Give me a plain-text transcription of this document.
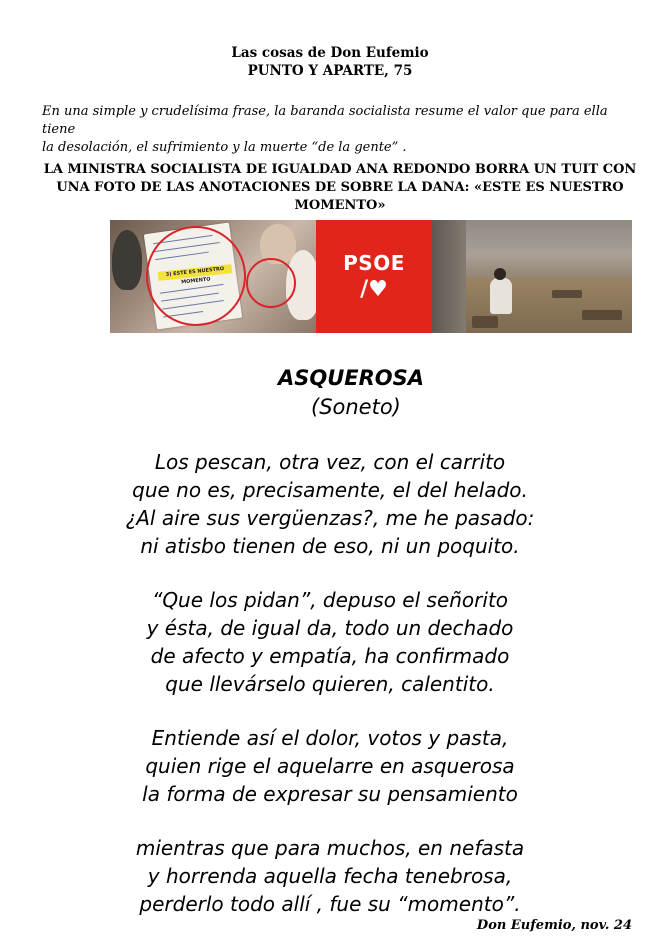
Las cosas de Don Eufemio
PUNTO Y APARTE, 75
En una simple y crudelísima frase, la baranda socialista resume el valor que para ella tiene
la desolación, el sufrimiento y la muerte “de la gente” .
LA MINISTRA SOCIALISTA DE IGUALDAD ANA REDONDO BORRA UN TUIT CON
UNA FOTO DE LAS ANOTACIONES DE SOBRE LA DANA: «ESTE ES NUESTRO
MOMENTO»
3) ESTE ES NUESTRO MOMENTO
PSOE
/♥
ASQUEROSA
(Soneto)
Los pescan, otra vez, con el carrito
que no es, precisamente, el del helado.
¿Al aire sus vergüenzas?, me he pasado:
ni atisbo tienen de eso, ni un poquito.
“Que los pidan”, depuso el señorito
y ésta, de igual da, todo un dechado
de afecto y empatía, ha confirmado
que llevárselo quieren, calentito.
Entiende así el dolor, votos y pasta,
quien rige el aquelarre en asquerosa
la forma de expresar su pensamiento
mientras que para muchos, en nefasta
y horrenda aquella fecha tenebrosa,
perderlo todo allí , fue su “momento”.
Don Eufemio, nov. 24
